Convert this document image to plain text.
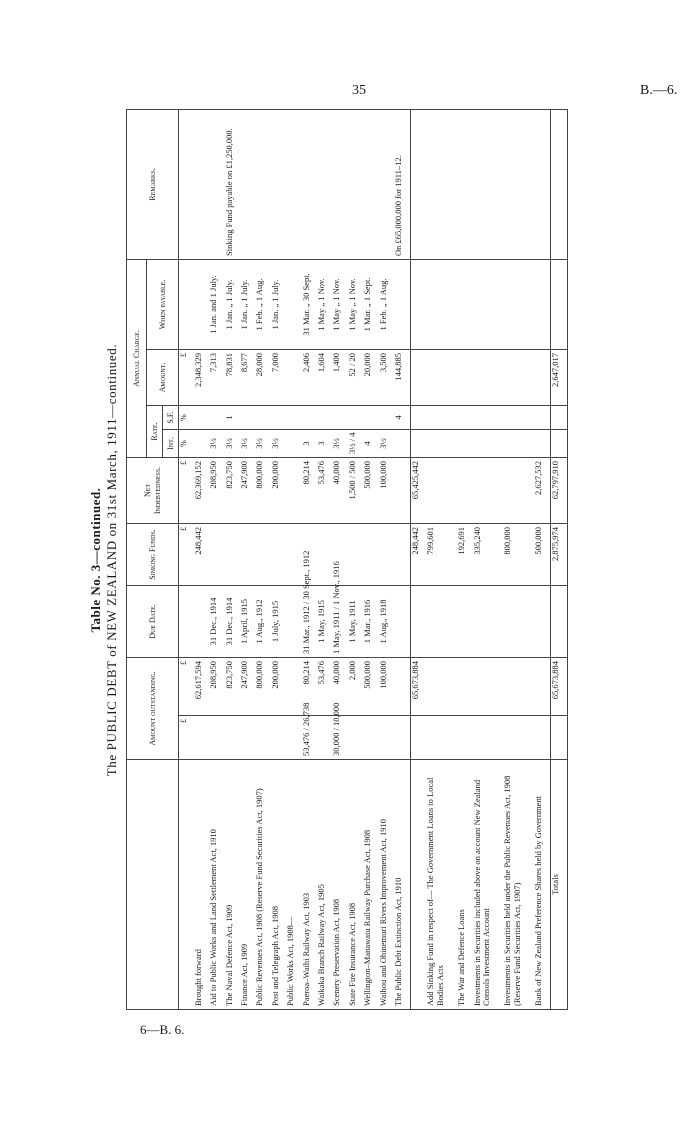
35	B.—6.
6—B. 6.
Table No. 3—continued. The PUBLIC DEBT of NEW ZEALAND on 31st March, 1911—continued.
		Amount outstanding.		Due Date.	Sinking Funds.	Net Indebtedness.	Annual Charge.				Remarks.
						Rate.		Amount.	When payable.	
						Int.	S.F.			
	£	£		£	£	%	%	£		
Brought forward		62,617,594		248,442	62,369,152			2,348,329		
Aid to Public Works and Land Settlement Act, 1910		208,950	31 Dec., 1914		208,950	3½		7,313	1 Jan. and 1 July.	
The Naval Defence Act, 1909		823,750	31 Dec., 1914		823,750	3½	1	78,831	1 Jan. „ 1 July.	Sinking Fund payable on £1,250,000.
Finance Act, 1909		247,900	1 April, 1915		247,900	3½		8,677	1 Jan. „ 1 July.	
Public Revenues Act, 1908 (Reserve Fund Securities Act, 1907)		800,000	1 Aug., 1912		800,000	3½		28,000	1 Feb. „ 1 Aug.	
Post and Telegraph Act, 1908		200,000	1 July, 1915		200,000	3½		7,000	1 Jan. „ 1 July.	
Public Works Act, 1908—										
Paeroa–Waihi Railway Act, 1903	53,476 / 26,738	80,214	31 Mar., 1912 / 30 Sept., 1912		80,214	3		2,406	31 Mar. „ 30 Sept.	
Waikaka Branch Railway Act, 1905		53,476	1 May, 1915		53,476	3		1,604	1 May „ 1 Nov.	
Scenery Preservation Act, 1908	30,000 / 10,000	40,000	1 May, 1911 / 1 Nov., 1916		40,000	3½		1,400	1 May „ 1 Nov.	
State Fire Insurance Act, 1908		2,000	1 May, 1911		1,500 / 500	3½ / 4		52 / 20	1 May „ 1 Nov.	
Wellington–Manawatu Railway Purchase Act, 1908		500,000	1 Mar., 1916		500,000	4		20,000	1 Mar. „ 1 Sept.	
Waihou and Ohinemuri Rivers Improvement Act, 1910		100,000	1 Aug., 1918		100,000	3½		3,500	1 Feb. „ 1 Aug.	
The Public Debt Extinction Act, 1910							4	144,885		On £65,000,000 for 1911–12.
		65,673,884		248,442	65,425,442					
Add Sinking Fund in respect of— The Government Loans to Local Bodies Acts				799,601						
The War and Defence Loans				192,691						
Investments in Securities included above on account New Zealand Consols Investment Account				335,240						
Investments in Securities held under the Public Revenues Act, 1908 (Reserve Fund Securities Act, 1907)				800,000						
Bank of New Zealand Preference Shares held by Government				500,000	2,627,532					
Totals		65,673,884		2,875,974	62,797,910			2,647,017		
